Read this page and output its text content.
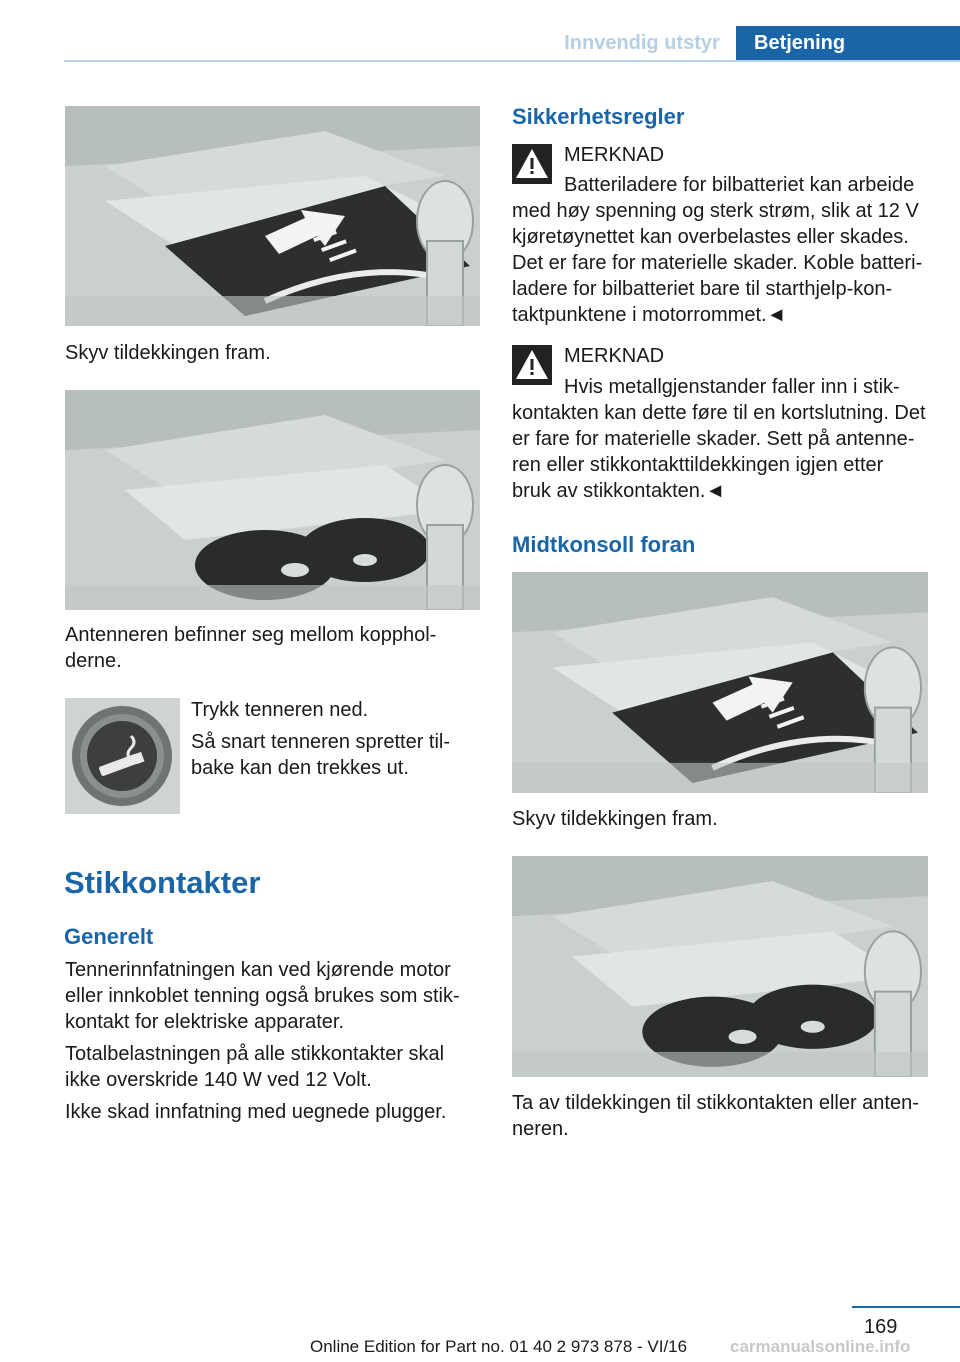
Innvendig utstyr	Betjening
Skyv tildekkingen fram.
Antenneren befinner seg mellom kopphol-
derne.
Trykk tenneren ned.
Så snart tenneren spretter til-
bake kan den trekkes ut.
Stikkontakter
Generelt
Tennerinnfatningen kan ved kjørende motor
eller innkoblet tenning også brukes som stik-
kontakt for elektriske apparater.
Totalbelastningen på alle stikkontakter skal
ikke overskride 140 W ved 12 Volt.
Ikke skad innfatning med uegnede plugger.
Sikkerhetsregler
MERKNAD
Batteriladere for bilbatteriet kan arbeide
med høy spenning og sterk strøm, slik at 12 V
kjøretøynettet kan overbelastes eller skades.
Det er fare for materielle skader. Koble batteri-
ladere for bilbatteriet bare til starthjelp-kon-
taktpunktene i motorrommet.◄
MERKNAD
Hvis metallgjenstander faller inn i stik-
kontakten kan dette føre til en kortslutning. Det
er fare for materielle skader. Sett på antenne-
ren eller stikkontakttildekkingen igjen etter
bruk av stikkontakten.◄
Midtkonsoll foran
Skyv tildekkingen fram.
Ta av tildekkingen til stikkontakten eller anten-
neren.
169
Online Edition for Part no. 01 40 2 973 878 - VI/16	carmanualsonline.info
